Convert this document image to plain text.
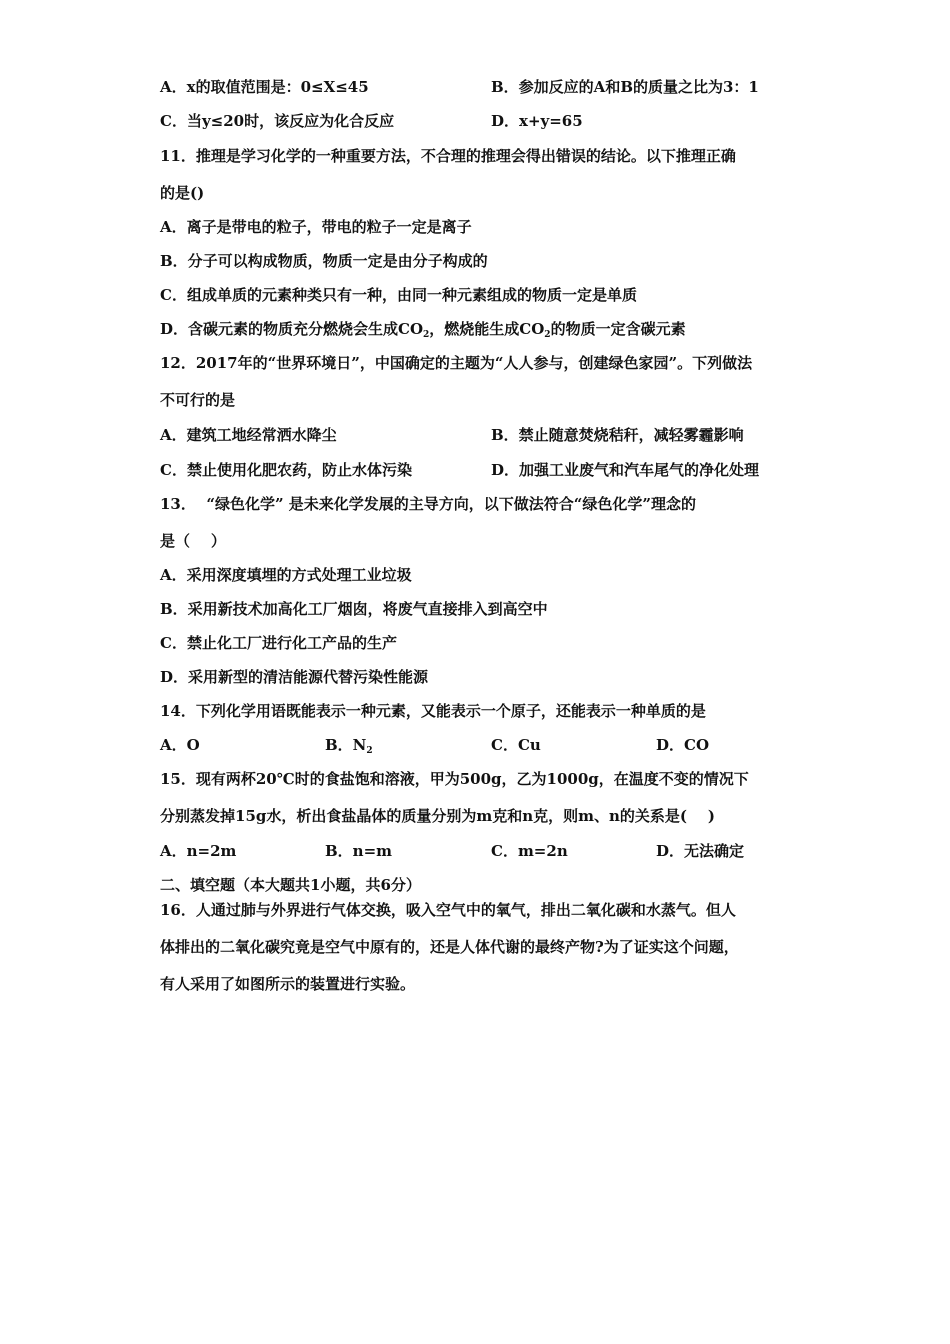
A．x的取值范围是：0≤X≤45	B．参加反应的A和B的质量之比为3：1
C．当y≤20时，该反应为化合反应	D．x+y=65
11．推理是学习化学的一种重要方法，不合理的推理会得出错误的结论。以下推理正确
的是()
A．离子是带电的粒子，带电的粒子一定是离子
B．分子可以构成物质，物质一定是由分子构成的
C．组成单质的元素种类只有一种，由同一种元素组成的物质一定是单质
D．含碳元素的物质充分燃烧会生成$CO_2$，燃烧能生成$CO_2$的物质一定含碳元素
12．2017年的“世界环境日”，中国确定的主题为“人人参与，创建绿色家园”。下列做法
不可行的是
A．建筑工地经常洒水降尘	B．禁止随意焚烧秸秆，减轻雾霾影响
C．禁止使用化肥农药，防止水体污染	D．加强工业废气和汽车尾气的净化处理
13．  “绿色化学” 是未来化学发展的主导方向，以下做法符合“绿色化学”理念的
是（    ）
A．采用深度填埋的方式处理工业垃圾
B．采用新技术加高化工厂烟囱，将废气直接排入到高空中
C．禁止化工厂进行化工产品的生产
D．采用新型的清洁能源代替污染性能源
14．下列化学用语既能表示一种元素，又能表示一个原子，还能表示一种单质的是
A．O	B．$N_2$	C．Cu	D．CO
15．现有两杯20℃时的食盐饱和溶液，甲为500g，乙为1000g，在温度不变的情况下
分别蒸发掉15g水，析出食盐晶体的质量分别为m克和n克，则m、n的关系是(    )
A．n=2m	B．n=m	C．m=2n	D．无法确定
二、填空题（本大题共1小题，共6分）
16．人通过肺与外界进行气体交换，吸入空气中的氧气，排出二氧化碳和水蒸气。但人
体排出的二氧化碳究竟是空气中原有的，还是人体代谢的最终产物?为了证实这个问题，
有人采用了如图所示的装置进行实验。
